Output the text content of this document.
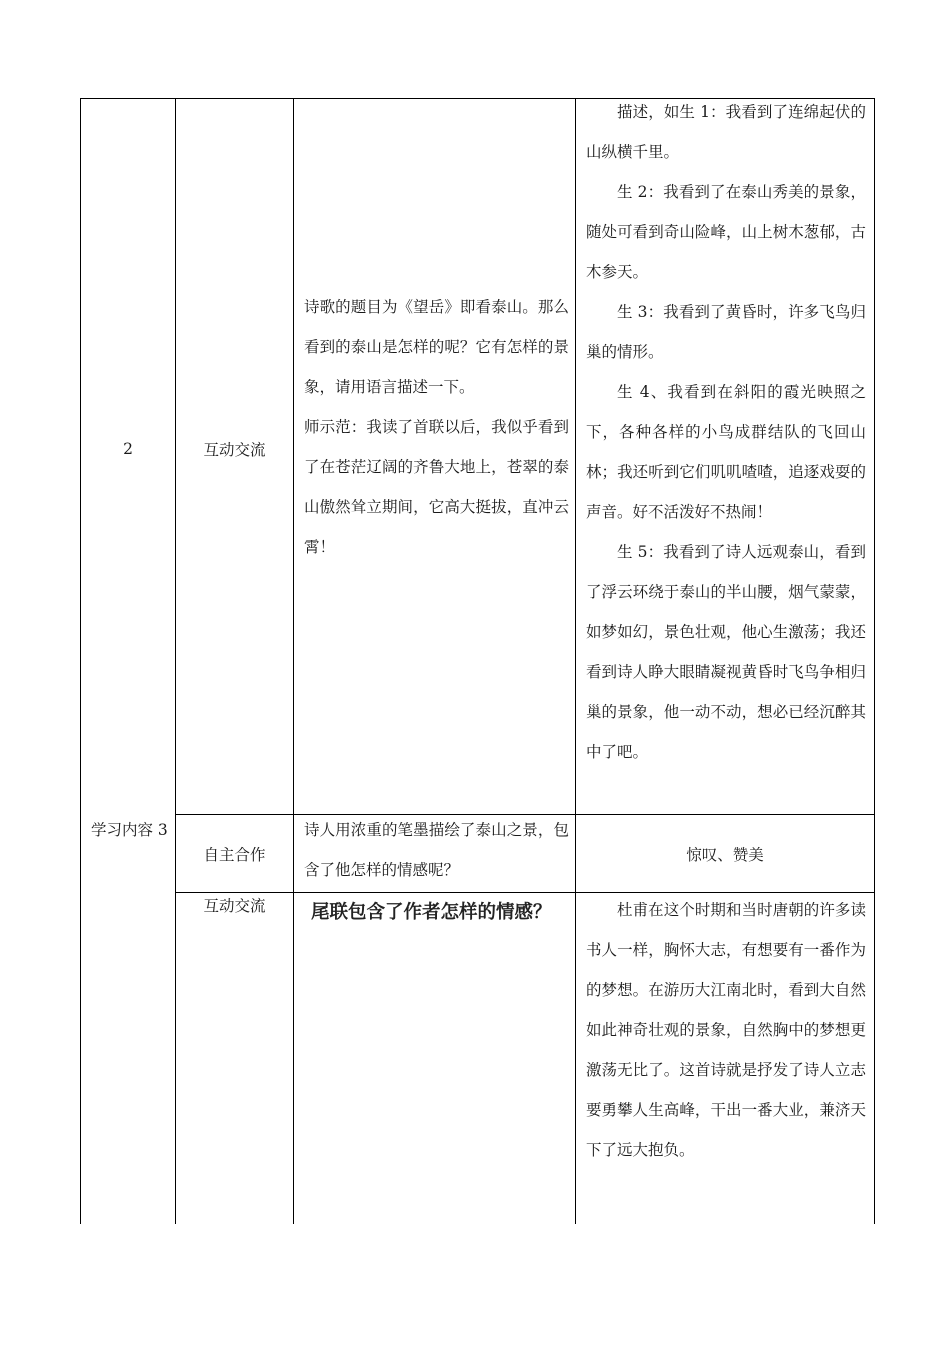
2	互动交流

诗歌的题目为《望岳》即看泰山。那么看到的泰山是怎样的呢？它有怎样的景象，请用语言描述一下。

师示范：我读了首联以后，我似乎看到了在苍茫辽阔的齐鲁大地上，苍翠的泰山傲然耸立期间，它高大挺拔，直冲云霄！

描述，如生 1：我看到了连绵起伏的山纵横千里。

生 2：我看到了在泰山秀美的景象，随处可看到奇山险峰，山上树木葱郁，古木参天。

生 3：我看到了黄昏时，许多飞鸟归巢的情形。

生 4、我看到在斜阳的霞光映照之下，各种各样的小鸟成群结队的飞回山林；我还听到它们叽叽喳喳，追逐戏耍的声音。好不活泼好不热闹！

生 5：我看到了诗人远观泰山，看到了浮云环绕于泰山的半山腰，烟气蒙蒙，如梦如幻，景色壮观，他心生激荡；我还看到诗人睁大眼睛凝视黄昏时飞鸟争相归巢的景象，他一动不动，想必已经沉醉其中了吧。

学习内容 3

自主合作

诗人用浓重的笔墨描绘了泰山之景，包含了他怎样的情感呢？

惊叹、赞美
互动交流	杜甫在这个时期和当时唐朝的许多读书人一样，胸怀大志，有想要有一番作为的梦想。在游历大江南北时，看到大自然如此神奇壮观的景象，自然胸中的梦想更激荡无比了。这首诗就是抒发了诗人立志要勇攀人生高峰，干出一番大业，兼济天下了远大抱负。

尾联包含了作者怎样的情感？
